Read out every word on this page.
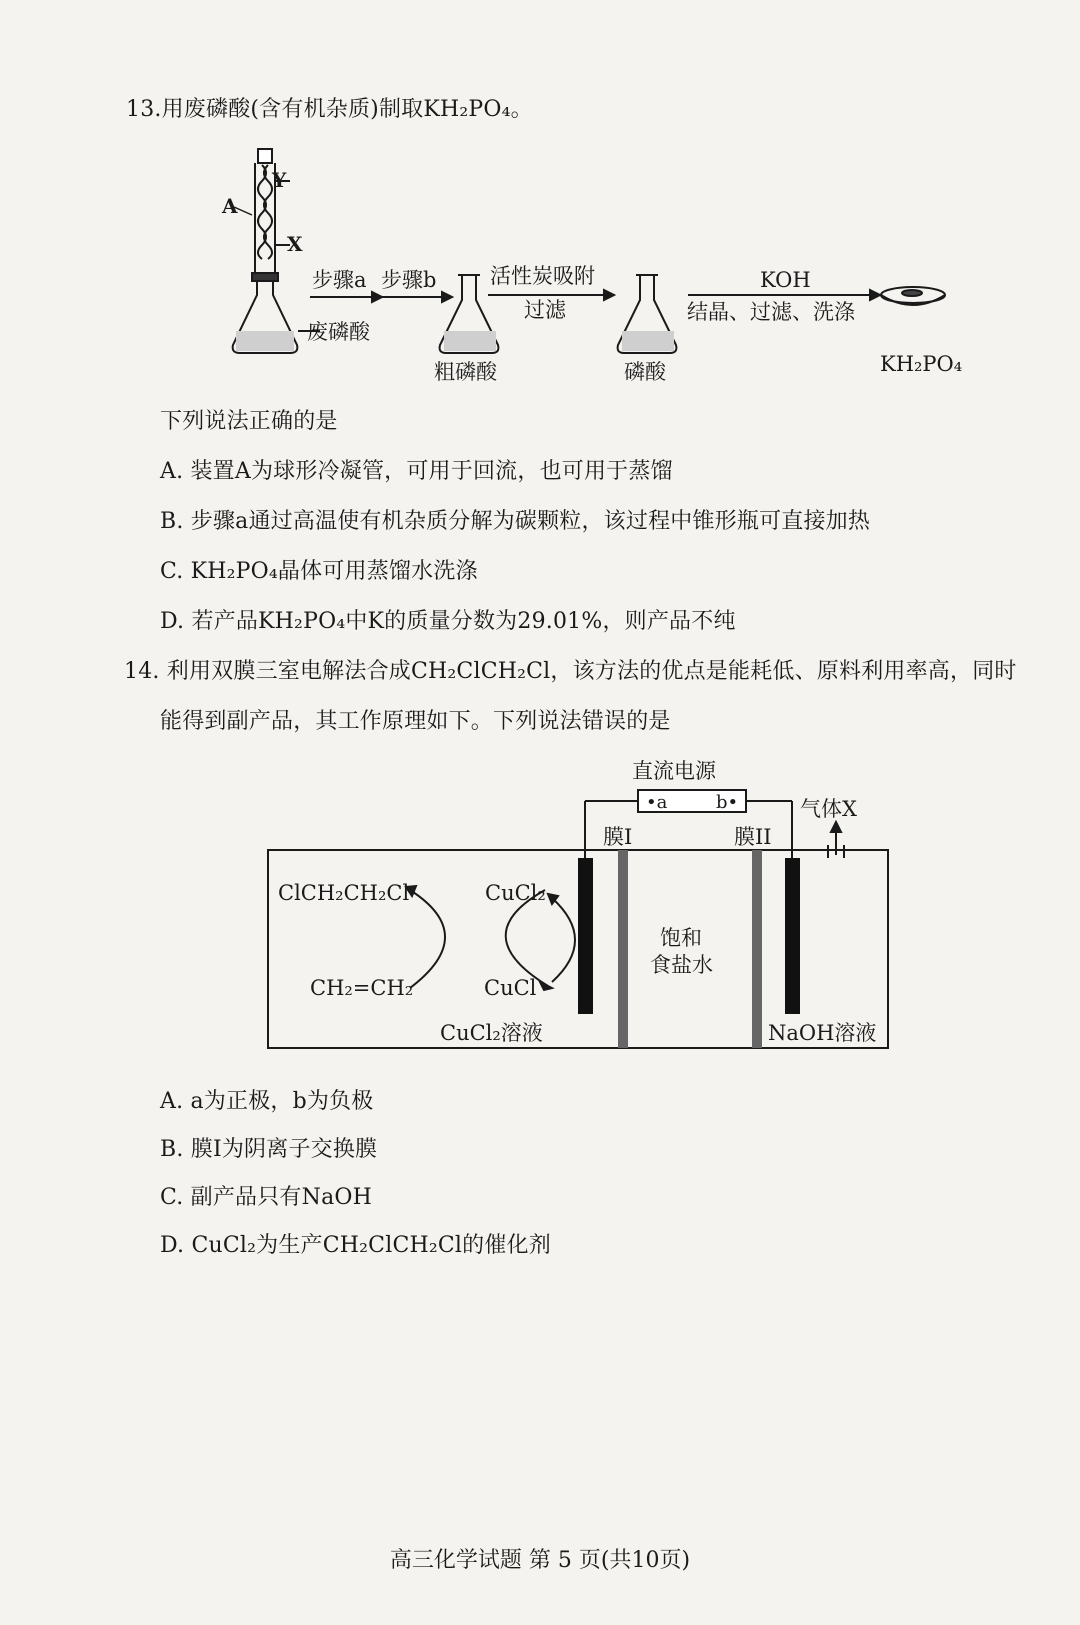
13.用废磷酸(含有机杂质)制取KH₂PO₄。
Y
X
A
废磷酸
步骤a 步骤b
粗磷酸
活性炭吸附
过滤
磷酸
KOH
结晶、过滤、洗涤
KH₂PO₄
下列说法正确的是
A. 装置A为球形冷凝管，可用于回流，也可用于蒸馏
B. 步骤a通过高温使有机杂质分解为碳颗粒，该过程中锥形瓶可直接加热
C. KH₂PO₄晶体可用蒸馏水洗涤
D. 若产品KH₂PO₄中K的质量分数为29.01%，则产品不纯
14. 利用双膜三室电解法合成CH₂ClCH₂Cl，该方法的优点是能耗低、原料利用率高，同时
能得到副产品，其工作原理如下。下列说法错误的是
直流电源
•a	b•	气体X
膜I	膜II
ClCH₂CH₂Cl	CuCl₂
CH₂=CH₂	CuCl
CuCl₂溶液
饱和
食盐水
NaOH溶液
A. a为正极，b为负极
B. 膜I为阴离子交换膜
C. 副产品只有NaOH
D. CuCl₂为生产CH₂ClCH₂Cl的催化剂
高三化学试题 第 5 页(共10页)
